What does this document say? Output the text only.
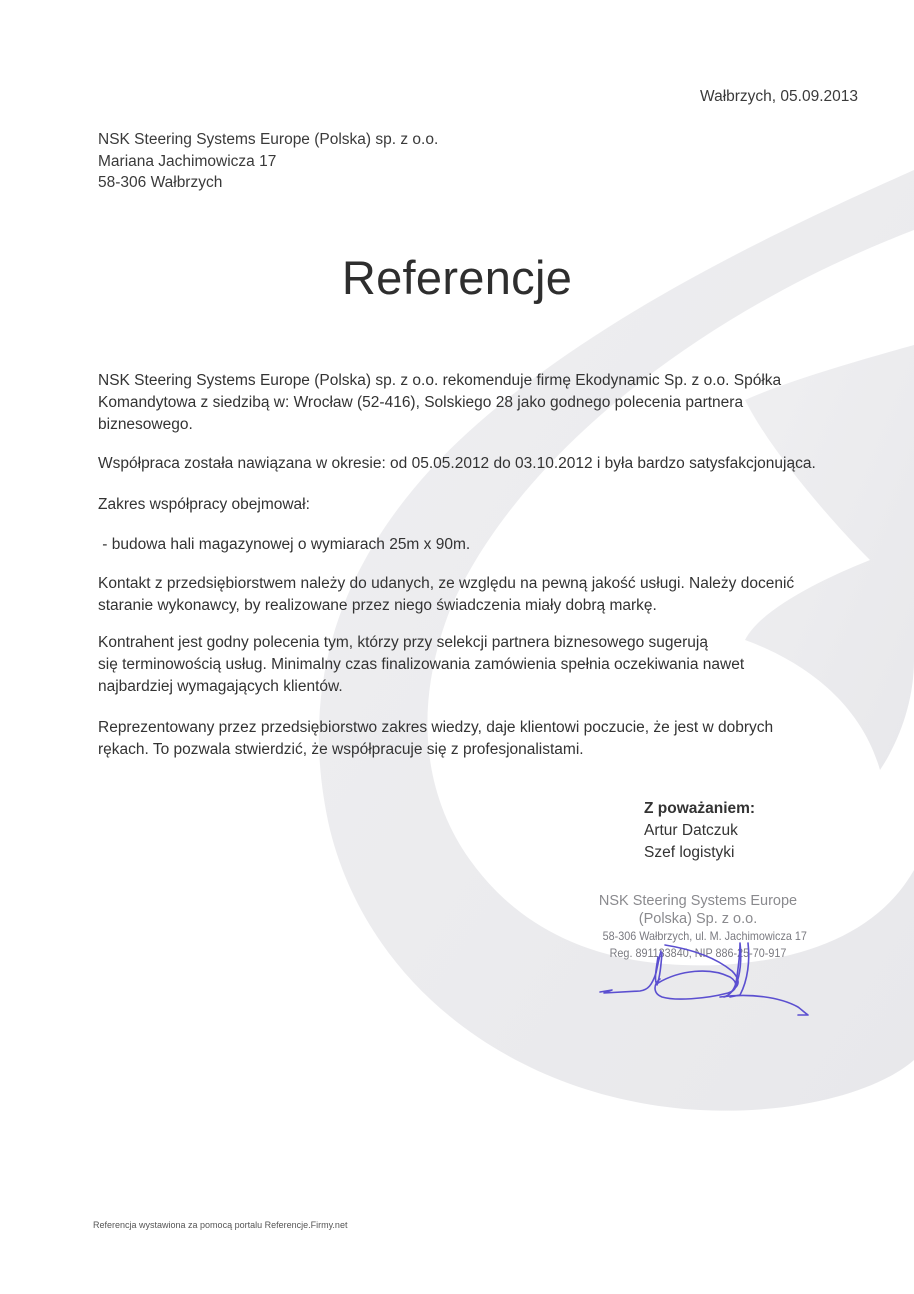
Wałbrzych, 05.09.2013
NSK Steering Systems Europe (Polska) sp. z o.o.
Mariana Jachimowicza 17
58-306 Wałbrzych
Referencje

NSK Steering Systems Europe (Polska) sp. z o.o. rekomenduje firmę Ekodynamic Sp. z o.o. Spółka
Komandytowa z siedzibą w: Wrocław (52-416), Solskiego 28 jako godnego polecenia partnera
biznesowego.

Współpraca została nawiązana w okresie: od 05.05.2012 do 03.10.2012 i była bardzo satysfakcjonująca.

Zakres współpracy obejmował:

- budowa hali magazynowej o wymiarach 25m x 90m.

Kontakt z przedsiębiorstwem należy do udanych, ze względu na pewną jakość usługi. Należy docenić
staranie wykonawcy, by realizowane przez niego świadczenia miały dobrą markę.

Kontrahent jest godny polecenia tym, którzy przy selekcji partnera biznesowego sugerują
się terminowością usług. Minimalny czas finalizowania zamówienia spełnia oczekiwania nawet
najbardziej wymagających klientów.

Reprezentowany przez przedsiębiorstwo zakres wiedzy, daje klientowi poczucie, że jest w dobrych
rękach. To pozwala stwierdzić, że współpracuje się z profesjonalistami.

Z poważaniem:
Artur Datczuk
Szef logistyki
NSK Steering Systems Europe
(Polska) Sp. z o.o.
58-306 Wałbrzych, ul. M. Jachimowicza 17
Reg. 891133840, NIP 886-25-70-917
Referencja wystawiona za pomocą portalu Referencje.Firmy.net
